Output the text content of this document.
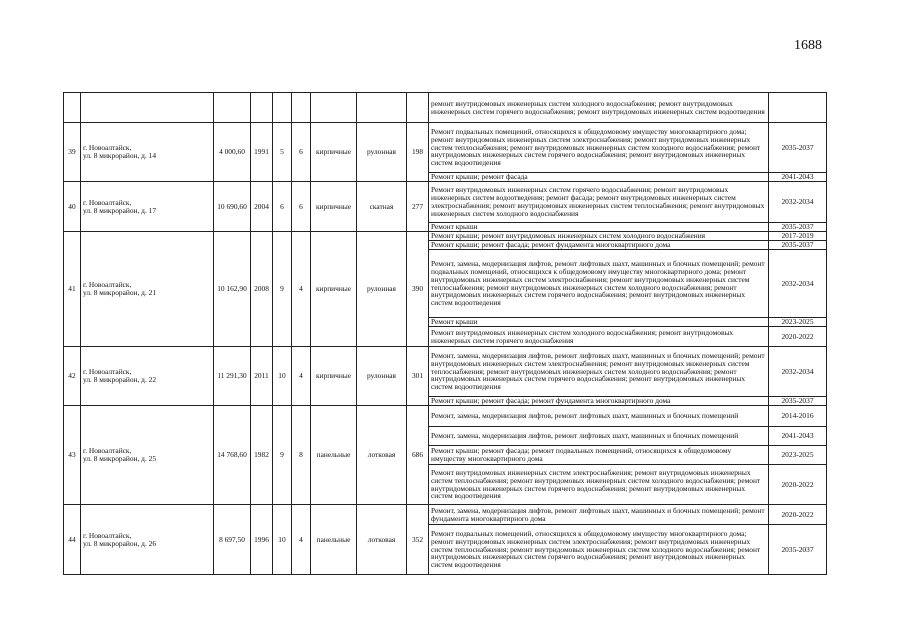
1688

								ремонт внутридомовых инженерных систем холодного водоснабжения; ремонт внутридомовых инженерных систем горячего водоснабжения; ремонт внутридомовых инженерных систем водоотведения	
39	г. Новоалтайск,
ул. 8 микрорайон, д. 14	4 000,60	1991	5	6	кирпичные	рулонная	198	Ремонт подвальных помещений, относящихся к общедомовому имуществу многоквартирного дома; ремонт внутридомовых инженерных систем электроснабжения; ремонт внутридомовых инженерных систем теплоснабжения; ремонт внутридомовых инженерных систем холодного водоснабжения; ремонт внутридомовых инженерных систем горячего водоснабжения; ремонт внутридомовых инженерных систем водоотведения	2035-2037
									Ремонт крыши; ремонт фасада	2041-2043
40	г. Новоалтайск,
ул. 8 микрорайон, д. 17	10 690,60	2004	6	6	кирпичные	скатная	277	Ремонт внутридомовых инженерных систем горячего водоснабжения; ремонт внутридомовых инженерных систем водоотведения; ремонт фасада; ремонт внутридомовых инженерных систем электроснабжения; ремонт внутридомовых инженерных систем теплоснабжения; ремонт внутридомовых инженерных систем холодного водоснабжения	2032-2034
									Ремонт крыши	2035-2037
41	г. Новоалтайск,
ул. 8 микрорайон, д. 21	10 162,90	2008	9	4	кирпичные	рулонная	390	Ремонт крыши; ремонт внутридомовых инженерных систем холодного водоснабжения	2017-2019
									Ремонт крыши; ремонт фасада; ремонт фундамента многоквартирного дома	2035-2037
									Ремонт, замена, модернизация лифтов, ремонт лифтовых шахт, машинных и блочных помещений; ремонт подвальных помещений, относящихся к общедомовому имуществу многоквартирного дома; ремонт внутридомовых инженерных систем электроснабжения; ремонт внутридомовых инженерных систем теплоснабжения; ремонт внутридомовых инженерных систем холодного водоснабжения; ремонт внутридомовых инженерных систем горячего водоснабжения; ремонт внутридомовых инженерных систем водоотведения	2032-2034
									Ремонт крыши	2023-2025
									Ремонт внутридомовых инженерных систем холодного водоснабжения; ремонт внутридомовых инженерных систем горячего водоснабжения	2020-2022
42	г. Новоалтайск,
ул. 8 микрорайон, д. 22	11 291,30	2011	10	4	кирпичные	рулонная	301	Ремонт, замена, модернизация лифтов, ремонт лифтовых шахт, машинных и блочных помещений; ремонт внутридомовых инженерных систем электроснабжения; ремонт внутридомовых инженерных систем теплоснабжения; ремонт внутридомовых инженерных систем холодного водоснабжения; ремонт внутридомовых инженерных систем горячего водоснабжения; ремонт внутридомовых инженерных систем водоотведения	2032-2034
									Ремонт крыши; ремонт фасада; ремонт фундамента многоквартирного дома	2035-2037
43	г. Новоалтайск,
ул. 8 микрорайон, д. 25	14 768,60	1982	9	8	панельные	лотковая	686	Ремонт, замена, модернизация лифтов, ремонт лифтовых шахт, машинных и блочных помещений	2014-2016
									Ремонт, замена, модернизация лифтов, ремонт лифтовых шахт, машинных и блочных помещений	2041-2043
									Ремонт крыши; ремонт фасада; ремонт подвальных помещений, относящихся к общедомовому имуществу многоквартирного дома	2023-2025
									Ремонт внутридомовых инженерных систем электроснабжения; ремонт внутридомовых инженерных систем теплоснабжения; ремонт внутридомовых инженерных систем холодного водоснабжения; ремонт внутридомовых инженерных систем горячего водоснабжения; ремонт внутридомовых инженерных систем водоотведения	2020-2022
44	г. Новоалтайск,
ул. 8 микрорайон, д. 26	8 697,50	1996	10	4	панельные	лотковая	352	Ремонт, замена, модернизация лифтов, ремонт лифтовых шахт, машинных и блочных помещений; ремонт фундамента многоквартирного дома	2020-2022
									Ремонт подвальных помещений, относящихся к общедомовому имуществу многоквартирного дома; ремонт внутридомовых инженерных систем электроснабжения; ремонт внутридомовых инженерных систем теплоснабжения; ремонт внутридомовых инженерных систем холодного водоснабжения; ремонт внутридомовых инженерных систем горячего водоснабжения; ремонт внутридомовых инженерных систем водоотведения	2035-2037
